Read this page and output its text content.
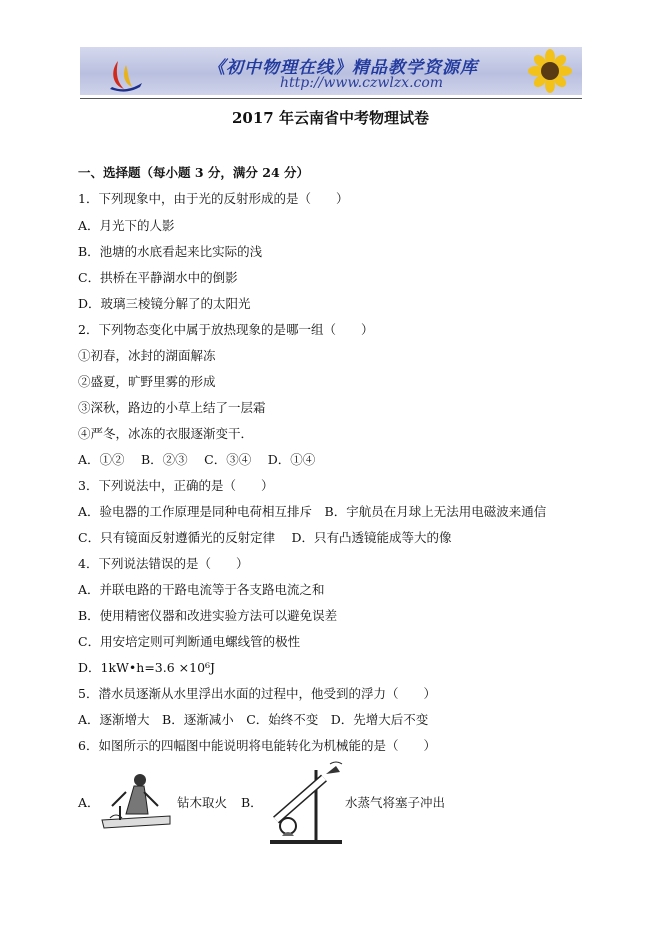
《初中物理在线》精品教学资源库
http://www.czwlzx.com
2017 年云南省中考物理试卷
一、选择题（每小题 3 分，满分 24 分）
1．下列现象中，由于光的反射形成的是（　　）
A．月光下的人影
B．池塘的水底看起来比实际的浅
C．拱桥在平静湖水中的倒影
D．玻璃三棱镜分解了的太阳光
2．下列物态变化中属于放热现象的是哪一组（　　）
①初春，冰封的湖面解冻
②盛夏，旷野里雾的形成
③深秋，路边的小草上结了一层霜
④严冬，冰冻的衣服逐渐变干．
A．①②　 B．②③　 C．③④　 D．①④
3．下列说法中，正确的是（　　）
A．验电器的工作原理是同种电荷相互排斥　B．宇航员在月球上无法用电磁波来通信
C．只有镜面反射遵循光的反射定律　 D．只有凸透镜能成等大的像
4．下列说法错误的是（　　）
A．并联电路的干路电流等于各支路电流之和
B．使用精密仪器和改进实验方法可以避免误差
C．用安培定则可判断通电螺线管的极性
D．1kW•h=3.6 ×10⁶J
5．潜水员逐渐从水里浮出水面的过程中，他受到的浮力（　　）
A．逐渐增大　B．逐渐减小　C．始终不变　D．先增大后不变
6．如图所示的四幅图中能说明将电能转化为机械能的是（　　）
A．	钻木取火 B．	水蒸气将塞子冲出
